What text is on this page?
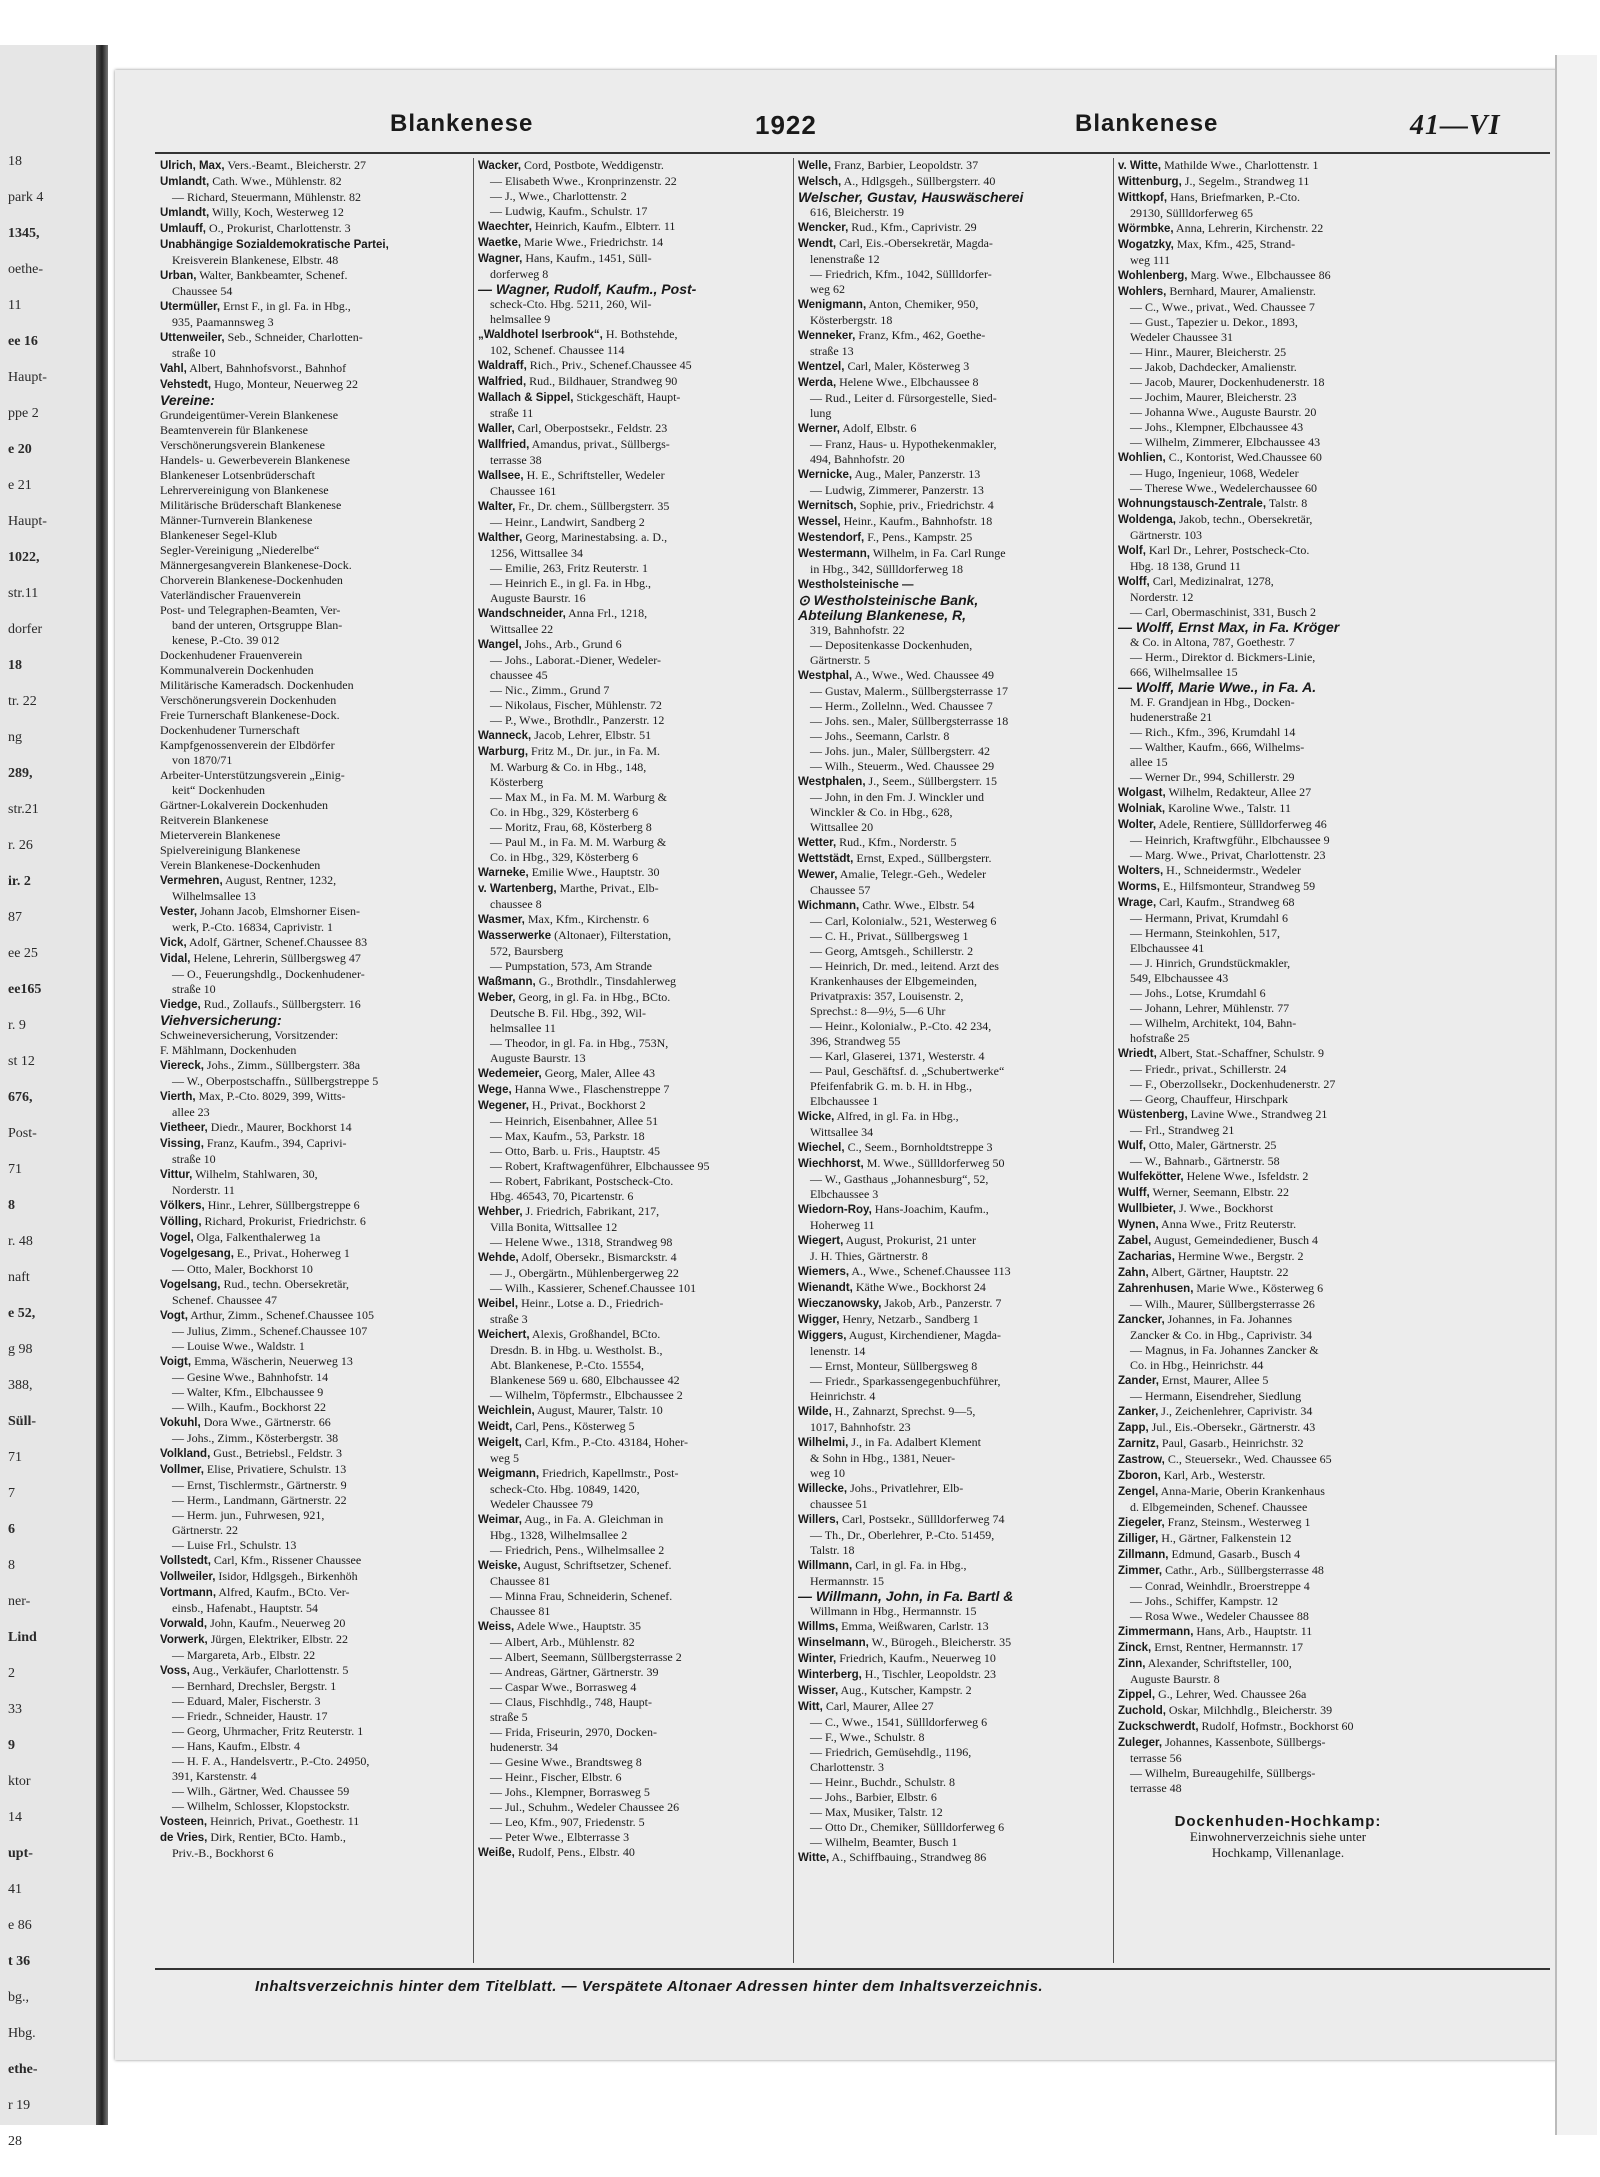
18
park 4
1345,
oethe-
11
ee 16
Haupt-
ppe 2
e 20
e 21
Haupt-
1022,
str.11
dorfer
18
tr. 22
ng
289,
str.21
r. 26
ir. 2
87
ee 25
ee165
r. 9
st 12
676,
Post-
71
8
r. 48
naft
e 52,
g 98
388,
Süll-
71
7
6
8
ner-
Lind
2
33
9
ktor
14
upt-
41
e 86
t 36
bg.,
Hbg.
ethe-
r 19
28
Blankenese	1922	Blankenese	41—VI

Ulrich, Max, Vers.-Beamt., Bleicherstr. 27

Umlandt, Cath. Wwe., Mühlenstr. 82

— Richard, Steuermann, Mühlenstr. 82

Umlandt, Willy, Koch, Westerweg 12

Umlauff, O., Prokurist, Charlottenstr. 3

Unabhängige Sozialdemokratische Partei,

Kreisverein Blankenese, Elbstr. 48

Urban, Walter, Bankbeamter, Schenef.

Chaussee 54

Utermüller, Ernst F., in gl. Fa. in Hbg.,

935, Paamannsweg 3

Uttenweiler, Seb., Schneider, Charlotten-

straße 10

Vahl, Albert, Bahnhofsvorst., Bahnhof

Vehstedt, Hugo, Monteur, Neuerweg 22

Vereine:

Grundeigentümer-Verein Blankenese

Beamtenverein für Blankenese

Verschönerungsverein Blankenese

Handels- u. Gewerbeverein Blankenese

Blankeneser Lotsenbrüderschaft

Lehrervereinigung von Blankenese

Militärische Brüderschaft Blankenese

Männer-Turnverein Blankenese

Blankeneser Segel-Klub

Segler-Vereinigung „Niederelbe“

Männergesangverein Blankenese-Dock.

Chorverein Blankenese-Dockenhuden

Vaterländischer Frauenverein

Post- und Telegraphen-Beamten, Ver-

band der unteren, Ortsgruppe Blan-

kenese, P.-Cto. 39 012

Dockenhudener Frauenverein

Kommunalverein Dockenhuden

Militärische Kameradsch. Dockenhuden

Verschönerungsverein Dockenhuden

Freie Turnerschaft Blankenese-Dock.

Dockenhudener Turnerschaft

Kampfgenossenverein der Elbdörfer

von 1870/71

Arbeiter-Unterstützungsverein „Einig-

keit“ Dockenhuden

Gärtner-Lokalverein Dockenhuden

Reitverein Blankenese

Mieterverein Blankenese

Spielvereinigung Blankenese

Verein Blankenese-Dockenhuden

Vermehren, August, Rentner, 1232,

Wilhelmsallee 13

Vester, Johann Jacob, Elmshorner Eisen-

werk, P.-Cto. 16834, Caprivistr. 1

Vick, Adolf, Gärtner, Schenef.Chaussee 83

Vidal, Helene, Lehrerin, Süllbergsweg 47

— O., Feuerungshdlg., Dockenhudener-

straße 10

Viedge, Rud., Zollaufs., Süllbergsterr. 16

Viehversicherung:

Schweineversicherung, Vorsitzender:

F. Mählmann, Dockenhuden

Viereck, Johs., Zimm., Süllbergsterr. 38a

— W., Oberpostschaffn., Süllbergstreppe 5

Vierth, Max, P.-Cto. 8029, 399, Witts-

allee 23

Vietheer, Diedr., Maurer, Bockhorst 14

Vissing, Franz, Kaufm., 394, Caprivi-

straße 10

Vittur, Wilhelm, Stahlwaren, 30,

Norderstr. 11

Völkers, Hinr., Lehrer, Süllbergstreppe 6

Völling, Richard, Prokurist, Friedrichstr. 6

Vogel, Olga, Falkenthalerweg 1a

Vogelgesang, E., Privat., Hoherweg 1

— Otto, Maler, Bockhorst 10

Vogelsang, Rud., techn. Obersekretär,

Schenef. Chaussee 47

Vogt, Arthur, Zimm., Schenef.Chaussee 105

— Julius, Zimm., Schenef.Chaussee 107

— Louise Wwe., Waldstr. 1

Voigt, Emma, Wäscherin, Neuerweg 13

— Gesine Wwe., Bahnhofstr. 14

— Walter, Kfm., Elbchaussee 9

— Wilh., Kaufm., Bockhorst 22

Vokuhl, Dora Wwe., Gärtnerstr. 66

— Johs., Zimm., Kösterbergstr. 38

Volkland, Gust., Betriebsl., Feldstr. 3

Vollmer, Elise, Privatiere, Schulstr. 13

— Ernst, Tischlermstr., Gärtnerstr. 9

— Herm., Landmann, Gärtnerstr. 22

— Herm. jun., Fuhrwesen, 921,

Gärtnerstr. 22

— Luise Frl., Schulstr. 13

Vollstedt, Carl, Kfm., Rissener Chaussee

Vollweiler, Isidor, Hdlgsgeh., Birkenhöh

Vortmann, Alfred, Kaufm., BCto. Ver-

einsb., Hafenabt., Hauptstr. 54

Vorwald, John, Kaufm., Neuerweg 20

Vorwerk, Jürgen, Elektriker, Elbstr. 22

— Margareta, Arb., Elbstr. 22

Voss, Aug., Verkäufer, Charlottenstr. 5

— Bernhard, Drechsler, Bergstr. 1

— Eduard, Maler, Fischerstr. 3

— Friedr., Schneider, Haustr. 17

— Georg, Uhrmacher, Fritz Reuterstr. 1

— Hans, Kaufm., Elbstr. 4

— H. F. A., Handelsvertr., P.-Cto. 24950,

391, Karstenstr. 4

— Wilh., Gärtner, Wed. Chaussee 59

— Wilhelm, Schlosser, Klopstockstr.

Vosteen, Heinrich, Privat., Goethestr. 11

de Vries, Dirk, Rentier, BCto. Hamb.,

Priv.-B., Bockhorst 6

Wacker, Cord, Postbote, Weddigenstr.

— Elisabeth Wwe., Kronprinzenstr. 22

— J., Wwe., Charlottenstr. 2

— Ludwig, Kaufm., Schulstr. 17

Waechter, Heinrich, Kaufm., Elbterr. 11

Waetke, Marie Wwe., Friedrichstr. 14

Wagner, Hans, Kaufm., 1451, Süll-

dorferweg 8

— Wagner, Rudolf, Kaufm., Post-

scheck-Cto. Hbg. 5211, 260, Wil-

helmsallee 9

„Waldhotel Iserbrook“, H. Bothstehde,

102, Schenef. Chaussee 114

Waldraff, Rich., Priv., Schenef.Chaussee 45

Walfried, Rud., Bildhauer, Strandweg 90

Wallach & Sippel, Stickgeschäft, Haupt-

straße 11

Waller, Carl, Oberpostsekr., Feldstr. 23

Wallfried, Amandus, privat., Süllbergs-

terrasse 38

Wallsee, H. E., Schriftsteller, Wedeler

Chaussee 161

Walter, Fr., Dr. chem., Süllbergsterr. 35

— Heinr., Landwirt, Sandberg 2

Walther, Georg, Marinestabsing. a. D.,

1256, Wittsallee 34

— Emilie, 263, Fritz Reuterstr. 1

— Heinrich E., in gl. Fa. in Hbg.,

Auguste Baurstr. 16

Wandschneider, Anna Frl., 1218,

Wittsallee 22

Wangel, Johs., Arb., Grund 6

— Johs., Laborat.-Diener, Wedeler-

chaussee 45

— Nic., Zimm., Grund 7

— Nikolaus, Fischer, Mühlenstr. 72

— P., Wwe., Brothdlr., Panzerstr. 12

Wanneck, Jacob, Lehrer, Elbstr. 51

Warburg, Fritz M., Dr. jur., in Fa. M.

M. Warburg & Co. in Hbg., 148,

Kösterberg

— Max M., in Fa. M. M. Warburg &

Co. in Hbg., 329, Kösterberg 6

— Moritz, Frau, 68, Kösterberg 8

— Paul M., in Fa. M. M. Warburg &

Co. in Hbg., 329, Kösterberg 6

Warneke, Emilie Wwe., Hauptstr. 30

v. Wartenberg, Marthe, Privat., Elb-

chaussee 8

Wasmer, Max, Kfm., Kirchenstr. 6

Wasserwerke (Altonaer), Filterstation,

572, Baursberg

— Pumpstation, 573, Am Strande

Waßmann, G., Brothdlr., Tinsdahlerweg

Weber, Georg, in gl. Fa. in Hbg., BCto.

Deutsche B. Fil. Hbg., 392, Wil-

helmsallee 11

— Theodor, in gl. Fa. in Hbg., 753N,

Auguste Baurstr. 13

Wedemeier, Georg, Maler, Allee 43

Wege, Hanna Wwe., Flaschenstreppe 7

Wegener, H., Privat., Bockhorst 2

— Heinrich, Eisenbahner, Allee 51

— Max, Kaufm., 53, Parkstr. 18

— Otto, Barb. u. Fris., Hauptstr. 45

— Robert, Kraftwagenführer, Elbchaussee 95

— Robert, Fabrikant, Postscheck-Cto.

Hbg. 46543, 70, Picartenstr. 6

Wehber, J. Friedrich, Fabrikant, 217,

Villa Bonita, Wittsallee 12

— Helene Wwe., 1318, Strandweg 98

Wehde, Adolf, Obersekr., Bismarckstr. 4

— J., Obergärtn., Mühlenbergerweg 22

— Wilh., Kassierer, Schenef.Chaussee 101

Weibel, Heinr., Lotse a. D., Friedrich-

straße 3

Weichert, Alexis, Großhandel, BCto.

Dresdn. B. in Hbg. u. Westholst. B.,

Abt. Blankenese, P.-Cto. 15554,

Blankenese 569 u. 680, Elbchaussee 42

— Wilhelm, Töpfermstr., Elbchaussee 2

Weichlein, August, Maurer, Talstr. 10

Weidt, Carl, Pens., Kösterweg 5

Weigelt, Carl, Kfm., P.-Cto. 43184, Hoher-

weg 5

Weigmann, Friedrich, Kapellmstr., Post-

scheck-Cto. Hbg. 10849, 1420,

Wedeler Chaussee 79

Weimar, Aug., in Fa. A. Gleichman in

Hbg., 1328, Wilhelmsallee 2

— Friedrich, Pens., Wilhelmsallee 2

Weiske, August, Schriftsetzer, Schenef.

Chaussee 81

— Minna Frau, Schneiderin, Schenef.

Chaussee 81

Weiss, Adele Wwe., Hauptstr. 35

— Albert, Arb., Mühlenstr. 82

— Albert, Seemann, Süllbergsterrasse 2

— Andreas, Gärtner, Gärtnerstr. 39

— Caspar Wwe., Borrasweg 4

— Claus, Fischhdlg., 748, Haupt-

straße 5

— Frida, Friseurin, 2970, Docken-

hudenerstr. 34

— Gesine Wwe., Brandtsweg 8

— Heinr., Fischer, Elbstr. 6

— Johs., Klempner, Borrasweg 5

— Jul., Schuhm., Wedeler Chaussee 26

— Leo, Kfm., 907, Friedenstr. 5

— Peter Wwe., Elbterrasse 3

Weiße, Rudolf, Pens., Elbstr. 40

Welle, Franz, Barbier, Leopoldstr. 37

Welsch, A., Hdlgsgeh., Süllbergsterr. 40

Welscher, Gustav, Hauswäscherei

616, Bleicherstr. 19

Wencker, Rud., Kfm., Caprivistr. 29

Wendt, Carl, Eis.-Obersekretär, Magda-

lenenstraße 12

— Friedrich, Kfm., 1042, Süllldorfer-

weg 62

Wenigmann, Anton, Chemiker, 950,

Kösterbergstr. 18

Wenneker, Franz, Kfm., 462, Goethe-

straße 13

Wentzel, Carl, Maler, Kösterweg 3

Werda, Helene Wwe., Elbchaussee 8

— Rud., Leiter d. Fürsorgestelle, Sied-

lung

Werner, Adolf, Elbstr. 6

— Franz, Haus- u. Hypothekenmakler,

494, Bahnhofstr. 20

Wernicke, Aug., Maler, Panzerstr. 13

— Ludwig, Zimmerer, Panzerstr. 13

Wernitsch, Sophie, priv., Friedrichstr. 4

Wessel, Heinr., Kaufm., Bahnhofstr. 18

Westendorf, F., Pens., Kampstr. 25

Westermann, Wilhelm, in Fa. Carl Runge

in Hbg., 342, Süllldorferweg 18

Westholsteinische —

⊙ Westholsteinische Bank,

Abteilung Blankenese, R,

319, Bahnhofstr. 22

— Depositenkasse Dockenhuden,

Gärtnerstr. 5

Westphal, A., Wwe., Wed. Chaussee 49

— Gustav, Malerm., Süllbergsterrasse 17

— Herm., Zollelnn., Wed. Chaussee 7

— Johs. sen., Maler, Süllbergsterrasse 18

— Johs., Seemann, Carlstr. 8

— Johs. jun., Maler, Süllbergsterr. 42

— Wilh., Steuerm., Wed. Chaussee 29

Westphalen, J., Seem., Süllbergsterr. 15

— John, in den Fm. J. Winckler und

Winckler & Co. in Hbg., 628,

Wittsallee 20

Wetter, Rud., Kfm., Norderstr. 5

Wettstädt, Ernst, Exped., Süllbergsterr.

Wewer, Amalie, Telegr.-Geh., Wedeler

Chaussee 57

Wichmann, Cathr. Wwe., Elbstr. 54

— Carl, Kolonialw., 521, Westerweg 6

— C. H., Privat., Süllbergsweg 1

— Georg, Amtsgeh., Schillerstr. 2

— Heinrich, Dr. med., leitend. Arzt des

Krankenhauses der Elbgemeinden,

Privatpraxis: 357, Louisenstr. 2,

Sprechst.: 8—9½, 5—6 Uhr

— Heinr., Kolonialw., P.-Cto. 42 234,

396, Strandweg 55

— Karl, Glaserei, 1371, Westerstr. 4

— Paul, Geschäftsf. d. „Schubertwerke“

Pfeifenfabrik G. m. b. H. in Hbg.,

Elbchaussee 1

Wicke, Alfred, in gl. Fa. in Hbg.,

Wittsallee 34

Wiechel, C., Seem., Bornholdtstreppe 3

Wiechhorst, M. Wwe., Süllldorferweg 50

— W., Gasthaus „Johannesburg“, 52,

Elbchaussee 3

Wiedorn-Roy, Hans-Joachim, Kaufm.,

Hoherweg 11

Wiegert, August, Prokurist, 21 unter

J. H. Thies, Gärtnerstr. 8

Wiemers, A., Wwe., Schenef.Chaussee 113

Wienandt, Käthe Wwe., Bockhorst 24

Wieczanowsky, Jakob, Arb., Panzerstr. 7

Wigger, Henry, Netzarb., Sandberg 1

Wiggers, August, Kirchendiener, Magda-

lenenstr. 14

— Ernst, Monteur, Süllbergsweg 8

— Friedr., Sparkassengegenbuchführer,

Heinrichstr. 4

Wilde, H., Zahnarzt, Sprechst. 9—5,

1017, Bahnhofstr. 23

Wilhelmi, J., in Fa. Adalbert Klement

& Sohn in Hbg., 1381, Neuer-

weg 10

Willecke, Johs., Privatlehrer, Elb-

chaussee 51

Willers, Carl, Postsekr., Süllldorferweg 74

— Th., Dr., Oberlehrer, P.-Cto. 51459,

Talstr. 18

Willmann, Carl, in gl. Fa. in Hbg.,

Hermannstr. 15

— Willmann, John, in Fa. Bartl &

Willmann in Hbg., Hermannstr. 15

Willms, Emma, Weißwaren, Carlstr. 13

Winselmann, W., Bürogeh., Bleicherstr. 35

Winter, Friedrich, Kaufm., Neuerweg 10

Winterberg, H., Tischler, Leopoldstr. 23

Wisser, Aug., Kutscher, Kampstr. 2

Witt, Carl, Maurer, Allee 27

— C., Wwe., 1541, Süllldorferweg 6

— F., Wwe., Schulstr. 8

— Friedrich, Gemüsehdlg., 1196,

Charlottenstr. 3

— Heinr., Buchdr., Schulstr. 8

— Johs., Barbier, Elbstr. 6

— Max, Musiker, Talstr. 12

— Otto Dr., Chemiker, Süllldorferweg 6

— Wilhelm, Beamter, Busch 1

Witte, A., Schiffbauing., Strandweg 86

v. Witte, Mathilde Wwe., Charlottenstr. 1

Wittenburg, J., Segelm., Strandweg 11

Wittkopf, Hans, Briefmarken, P.-Cto.

29130, Süllldorferweg 65

Wörmbke, Anna, Lehrerin, Kirchenstr. 22

Wogatzky, Max, Kfm., 425, Strand-

weg 111

Wohlenberg, Marg. Wwe., Elbchaussee 86

Wohlers, Bernhard, Maurer, Amalienstr.

— C., Wwe., privat., Wed. Chaussee 7

— Gust., Tapezier u. Dekor., 1893,

Wedeler Chaussee 31

— Hinr., Maurer, Bleicherstr. 25

— Jakob, Dachdecker, Amalienstr.

— Jacob, Maurer, Dockenhudenerstr. 18

— Jochim, Maurer, Bleicherstr. 23

— Johanna Wwe., Auguste Baurstr. 20

— Johs., Klempner, Elbchaussee 43

— Wilhelm, Zimmerer, Elbchaussee 43

Wohlien, C., Kontorist, Wed.Chaussee 60

— Hugo, Ingenieur, 1068, Wedeler

— Therese Wwe., Wedelerchaussee 60

Wohnungstausch-Zentrale, Talstr. 8

Woldenga, Jakob, techn., Obersekretär,

Gärtnerstr. 103

Wolf, Karl Dr., Lehrer, Postscheck-Cto.

Hbg. 18 138, Grund 11

Wolff, Carl, Medizinalrat, 1278,

Norderstr. 12

— Carl, Obermaschinist, 331, Busch 2

— Wolff, Ernst Max, in Fa. Kröger

& Co. in Altona, 787, Goethestr. 7

— Herm., Direktor d. Bickmers-Linie,

666, Wilhelmsallee 15

— Wolff, Marie Wwe., in Fa. A.

M. F. Grandjean in Hbg., Docken-

hudenerstraße 21

— Rich., Kfm., 396, Krumdahl 14

— Walther, Kaufm., 666, Wilhelms-

allee 15

— Werner Dr., 994, Schillerstr. 29

Wolgast, Wilhelm, Redakteur, Allee 27

Wolniak, Karoline Wwe., Talstr. 11

Wolter, Adele, Rentiere, Süllldorferweg 46

— Heinrich, Kraftwgführ., Elbchaussee 9

— Marg. Wwe., Privat, Charlottenstr. 23

Wolters, H., Schneidermstr., Wedeler

Worms, E., Hilfsmonteur, Strandweg 59

Wrage, Carl, Kaufm., Strandweg 68

— Hermann, Privat, Krumdahl 6

— Hermann, Steinkohlen, 517,

Elbchaussee 41

— J. Hinrich, Grundstückmakler,

549, Elbchaussee 43

— Johs., Lotse, Krumdahl 6

— Johann, Lehrer, Mühlenstr. 77

— Wilhelm, Architekt, 104, Bahn-

hofstraße 25

Wriedt, Albert, Stat.-Schaffner, Schulstr. 9

— Friedr., privat., Schillerstr. 24

— F., Oberzollsekr., Dockenhudenerstr. 27

— Georg, Chauffeur, Hirschpark

Wüstenberg, Lavine Wwe., Strandweg 21

— Frl., Strandweg 21

Wulf, Otto, Maler, Gärtnerstr. 25

— W., Bahnarb., Gärtnerstr. 58

Wulfekötter, Helene Wwe., Isfeldstr. 2

Wulff, Werner, Seemann, Elbstr. 22

Wullbieter, J. Wwe., Bockhorst

Wynen, Anna Wwe., Fritz Reuterstr.

Zabel, August, Gemeindediener, Busch 4

Zacharias, Hermine Wwe., Bergstr. 2

Zahn, Albert, Gärtner, Hauptstr. 22

Zahrenhusen, Marie Wwe., Kösterweg 6

— Wilh., Maurer, Süllbergsterrasse 26

Zancker, Johannes, in Fa. Johannes

Zancker & Co. in Hbg., Caprivistr. 34

— Magnus, in Fa. Johannes Zancker &

Co. in Hbg., Heinrichstr. 44

Zander, Ernst, Maurer, Allee 5

— Hermann, Eisendreher, Siedlung

Zanker, J., Zeichenlehrer, Caprivistr. 34

Zapp, Jul., Eis.-Obersekr., Gärtnerstr. 43

Zarnitz, Paul, Gasarb., Heinrichstr. 32

Zastrow, C., Steuersekr., Wed. Chaussee 65

Zboron, Karl, Arb., Westerstr.

Zengel, Anna-Marie, Oberin Krankenhaus

d. Elbgemeinden, Schenef. Chaussee

Ziegeler, Franz, Steinsm., Westerweg 1

Zilliger, H., Gärtner, Falkenstein 12

Zillmann, Edmund, Gasarb., Busch 4

Zimmer, Cathr., Arb., Süllbergsterrasse 48

— Conrad, Weinhdlr., Broerstreppe 4

— Johs., Schiffer, Kampstr. 12

— Rosa Wwe., Wedeler Chaussee 88

Zimmermann, Hans, Arb., Hauptstr. 11

Zinck, Ernst, Rentner, Hermannstr. 17

Zinn, Alexander, Schriftsteller, 100,

Auguste Baurstr. 8

Zippel, G., Lehrer, Wed. Chaussee 26a

Zuchold, Oskar, Milchhdlg., Bleicherstr. 39

Zuckschwerdt, Rudolf, Hofmstr., Bockhorst 60

Zuleger, Johannes, Kassenbote, Süllbergs-

terrasse 56

— Wilhelm, Bureaugehilfe, Süllbergs-

terrasse 48

Dockenhuden-Hochkamp:
Einwohnerverzeichnis siehe unter
Hochkamp, Villenanlage.
Inhaltsverzeichnis hinter dem Titelblatt. — Verspätete Altonaer Adressen hinter dem Inhaltsverzeichnis.
